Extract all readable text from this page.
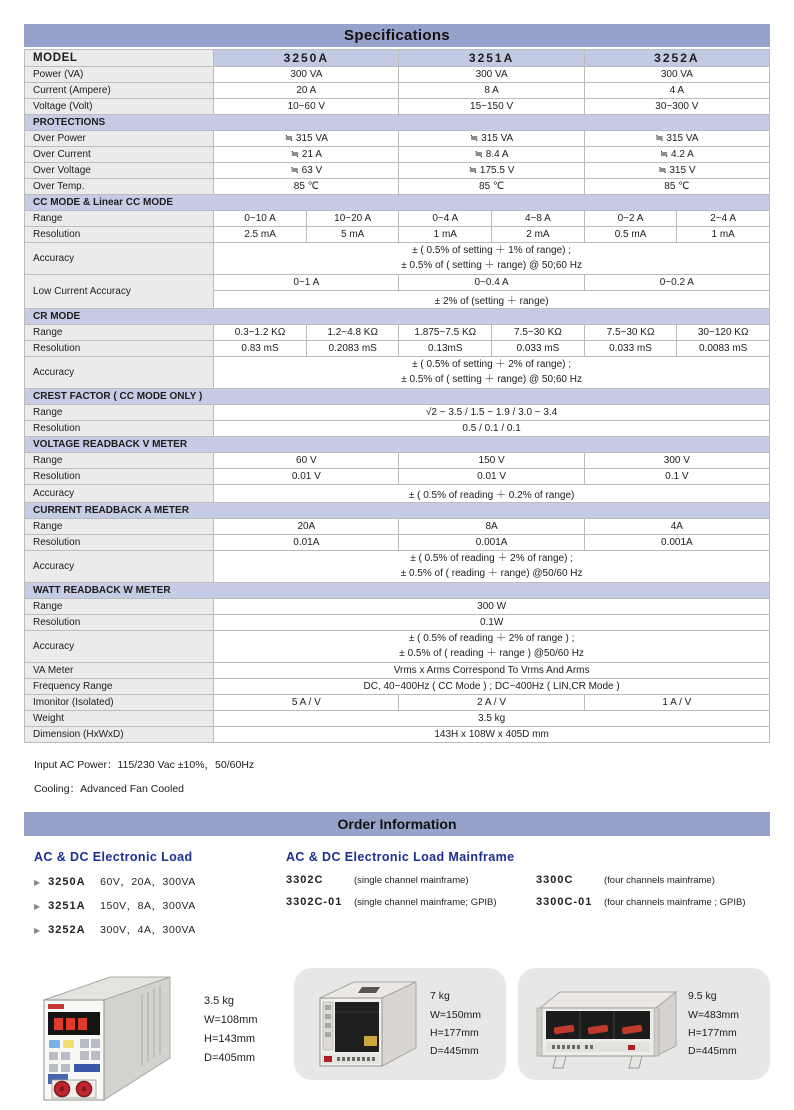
Specifications
MODEL	3250A		3251A		3252A	
Power (VA)	300 VA		300 VA		300 VA	
Current (Ampere)	20 A		8 A		4 A	
Voltage (Volt)	10~60 V		15~150 V		30~300 V	
PROTECTIONS						
Over Power	≒ 315 VA		≒ 315 VA		≒ 315 VA	
Over Current	≒ 21 A		≒ 8.4 A		≒ 4.2 A	
Over Voltage	≒ 63 V		≒ 175.5 V		≒ 315 V	
Over Temp.	85 ℃		85 ℃		85 ℃	
CC MODE & Linear CC MODE						
Range	0~10 A	10~20 A	0~4 A	4~8 A	0~2 A	2~4 A
Resolution	2.5 mA	5 mA	1 mA	2 mA	0.5 mA	1 mA
Accuracy	± ( 0.5% of setting ＋ 1% of range) ;
± 0.5% of ( setting ＋ range) @ 50;60 Hz					

Low Current Accuracy	0~1 A		0~0.4 A		0~0.2 A	
	± 2% of (setting ＋ range)					
CR MODE						
Range	0.3~1.2 KΩ	1.2~4.8 KΩ	1.875~7.5 KΩ	7.5~30 KΩ	7.5~30 KΩ	30~120 KΩ
Resolution	0.83 mS	0.2083 mS	0.13mS	0.033 mS	0.033 mS	0.0083 mS
Accuracy	± ( 0.5% of setting ＋ 2% of range) ;
± 0.5% of ( setting ＋ range) @ 50;60 Hz					

CREST FACTOR ( CC MODE ONLY )						
Range	√2 ~ 3.5 / 1.5 ~ 1.9 / 3.0 ~ 3.4					
Resolution	0.5 / 0.1 / 0.1					
VOLTAGE READBACK V METER						
Range	60 V		150 V		300 V	
Resolution	0.01 V		0.01 V		0.1 V	
Accuracy	± ( 0.5% of reading ＋ 0.2% of range)					
CURRENT READBACK A METER						
Range	20A		8A		4A	
Resolution	0.01A		0.001A		0.001A	
Accuracy	± ( 0.5% of reading ＋ 2% of range) ;
± 0.5% of ( reading ＋ range) @50/60 Hz					

WATT READBACK W METER						
Range	300 W					
Resolution	0.1W					
Accuracy	± ( 0.5% of reading ＋ 2% of range ) ;
± 0.5% of ( reading ＋ range ) @50/60 Hz					

VA Meter	Vrms x Arms Correspond To Vrms And Arms					
Frequency Range	DC, 40~400Hz ( CC Mode ) ; DC~400Hz ( LIN,CR Mode )					
Imonitor (Isolated)	5 A / V		2 A / V		1 A / V	
Weight	3.5 kg					
Dimension (HxWxD)	143H x 108W x 405D mm					

Input AC Power：115/230 Vac ±10%，50/60Hz

Cooling：Advanced Fan Cooled

Order Information
AC & DC Electronic Load
▶ 3250A	60V，20A，300VA
▶ 3251A	150V，8A，300VA
▶ 3252A	300V，4A，300VA
AC & DC Electronic Load Mainframe
3302C	(single channel mainframe)
3302C-01	(single channel mainframe; GPIB)
3300C	(four channels mainframe)
3300C-01	(four channels mainframe ; GPIB)
3.5 kg
W=108mm
H=143mm
D=405mm
7 kg
W=150mm
H=177mm
D=445mm
9.5 kg
W=483mm
H=177mm
D=445mm
